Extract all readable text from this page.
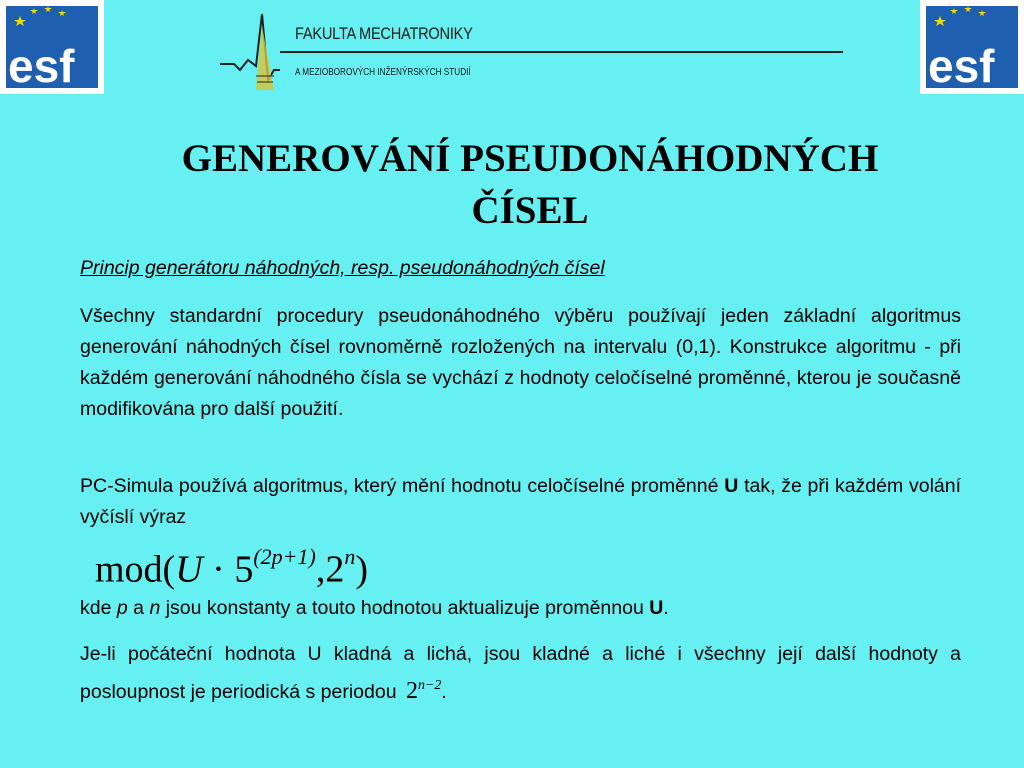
esf
FAKULTA MECHATRONIKY
A MEZIOBOROVÝCH INŽENÝRSKÝCH STUDIÍ	esf
GENEROVÁNÍ PSEUDONÁHODNÝCH
ČÍSEL
Princip generátoru náhodných, resp. pseudonáhodných čísel
Všechny standardní procedury pseudonáhodného výběru používají jeden základní algoritmus generování náhodných čísel rovnoměrně rozložených na intervalu (0,1). Konstrukce algoritmu - při každém generování náhodného čísla se vychází z hodnoty celočíselné proměnné, kterou je současně modifikována pro další použití.
PC-Simula používá algoritmus, který mění hodnotu celočíselné proměnné U tak, že při každém volání vyčíslí výraz
$mod(U \cdot 5^{(2p+1)},2^n)$
kde p a n jsou konstanty a touto hodnotou aktualizuje proměnnou U.
Je-li počáteční hodnota U kladná a lichá, jsou kladné a liché i všechny její další hodnoty a posloupnost je periodická s periodou $2^{n-2}$.
